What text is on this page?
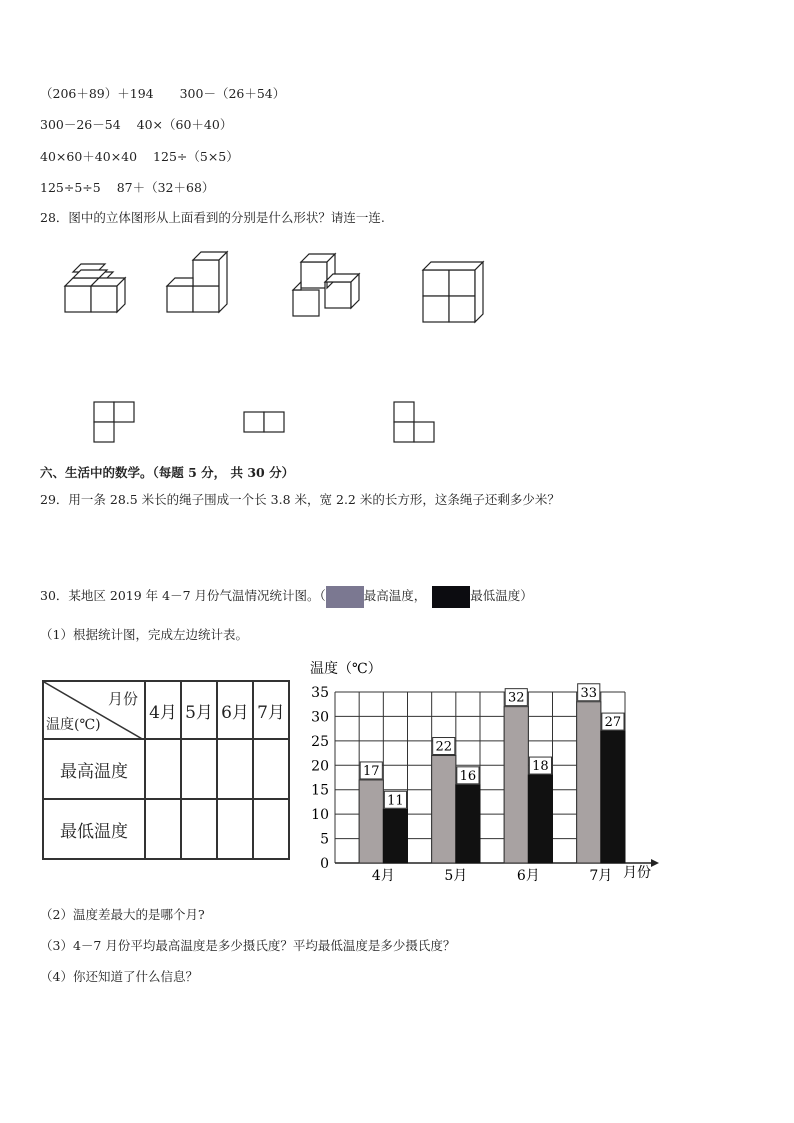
（206＋89）＋194 300－（26＋54）
300－26－54 40×（60＋40）
40×60＋40×40 125÷（5×5）
125÷5÷5 87＋（32＋68）
28．图中的立体图形从上面看到的分别是什么形状？请连一连.
六、生活中的数学。（每题 5 分， 共 30 分）
29．用一条 28.5 米长的绳子围成一个长 3.8 米，宽 2.2 米的长方形，这条绳子还剩多少米？
30．某地区 2019 年 4－7 月份气温情况统计图。（	最高温度，	最低温度）
（1）根据统计图，完成左边统计表。
月份
温度(℃)	4月	5月	6月	7月
最高温度				
最低温度				
温度（℃）
月份
17
11
22
16
32
18
33
27
0
5
10
15
20
25
30
35
4月	5月	6月	7月
（2）温度差最大的是哪个月?
（3）4－7 月份平均最高温度是多少摄氏度？平均最低温度是多少摄氏度？
（4）你还知道了什么信息？
